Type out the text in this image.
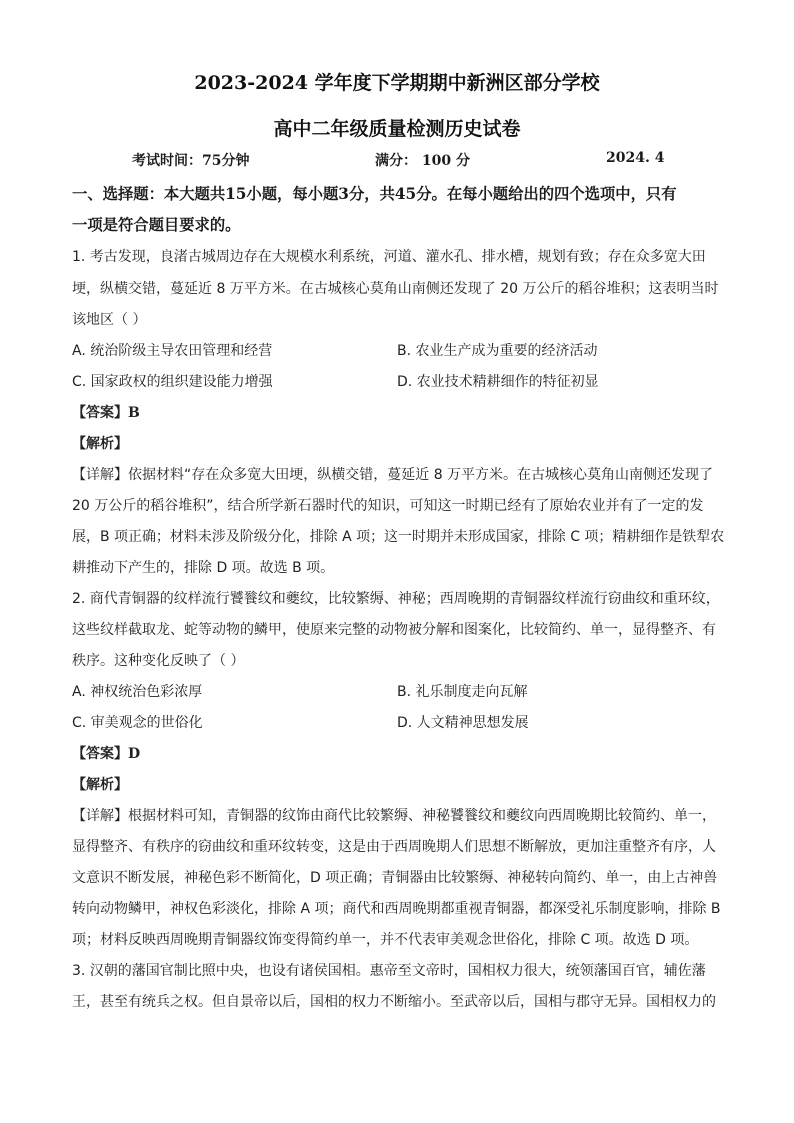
2023-2024 学年度下学期期中新洲区部分学校
高中二年级质量检测历史试卷
考试时间：75分钟	满分： 100 分	2024. 4
一、选择题：本大题共15小题，每小题3分，共45分。在每小题给出的四个选项中，只有
一项是符合题目要求的。
1. 考古发现，良渚古城周边存在大规模水利系统，河道、灌水孔、排水槽，规划有致；存在众多宽大田
埂，纵横交错，蔓延近 8 万平方米。在古城核心莫角山南侧还发现了 20 万公斤的稻谷堆积；这表明当时
该地区（ ）
A. 统治阶级主导农田管理和经营	B. 农业生产成为重要的经济活动
C. 国家政权的组织建设能力增强	D. 农业技术精耕细作的特征初显
【答案】B
【解析】
【详解】依据材料“存在众多宽大田埂，纵横交错，蔓延近 8 万平方米。在古城核心莫角山南侧还发现了
20 万公斤的稻谷堆积”，结合所学新石器时代的知识，可知这一时期已经有了原始农业并有了一定的发
展，B 项正确；材料未涉及阶级分化，排除 A 项；这一时期并未形成国家，排除 C 项；精耕细作是铁犁农
耕推动下产生的，排除 D 项。故选 B 项。
2. 商代青铜器的纹样流行饕餮纹和夔纹，比较繁缛、神秘；西周晚期的青铜器纹样流行窃曲纹和重环纹，
这些纹样截取龙、蛇等动物的鳞甲，使原来完整的动物被分解和图案化，比较简约、单一，显得整齐、有
秩序。这种变化反映了（ ）
A. 神权统治色彩浓厚	B. 礼乐制度走向瓦解
C. 审美观念的世俗化	D. 人文精神思想发展
【答案】D
【解析】
【详解】根据材料可知，青铜器的纹饰由商代比较繁缛、神秘饕餮纹和夔纹向西周晚期比较简约、单一，
显得整齐、有秩序的窃曲纹和重环纹转变，这是由于西周晚期人们思想不断解放，更加注重整齐有序，人
文意识不断发展，神秘色彩不断简化，D 项正确；青铜器由比较繁缛、神秘转向简约、单一，由上古神兽
转向动物鳞甲，神权色彩淡化，排除 A 项；商代和西周晚期都重视青铜器，都深受礼乐制度影响，排除 B
项；材料反映西周晚期青铜器纹饰变得简约单一，并不代表审美观念世俗化，排除 C 项。故选 D 项。
3. 汉朝的藩国官制比照中央，也设有诸侯国相。惠帝至文帝时，国相权力很大，统领藩国百官，辅佐藩
王，甚至有统兵之权。但自景帝以后，国相的权力不断缩小。至武帝以后，国相与郡守无异。国相权力的
